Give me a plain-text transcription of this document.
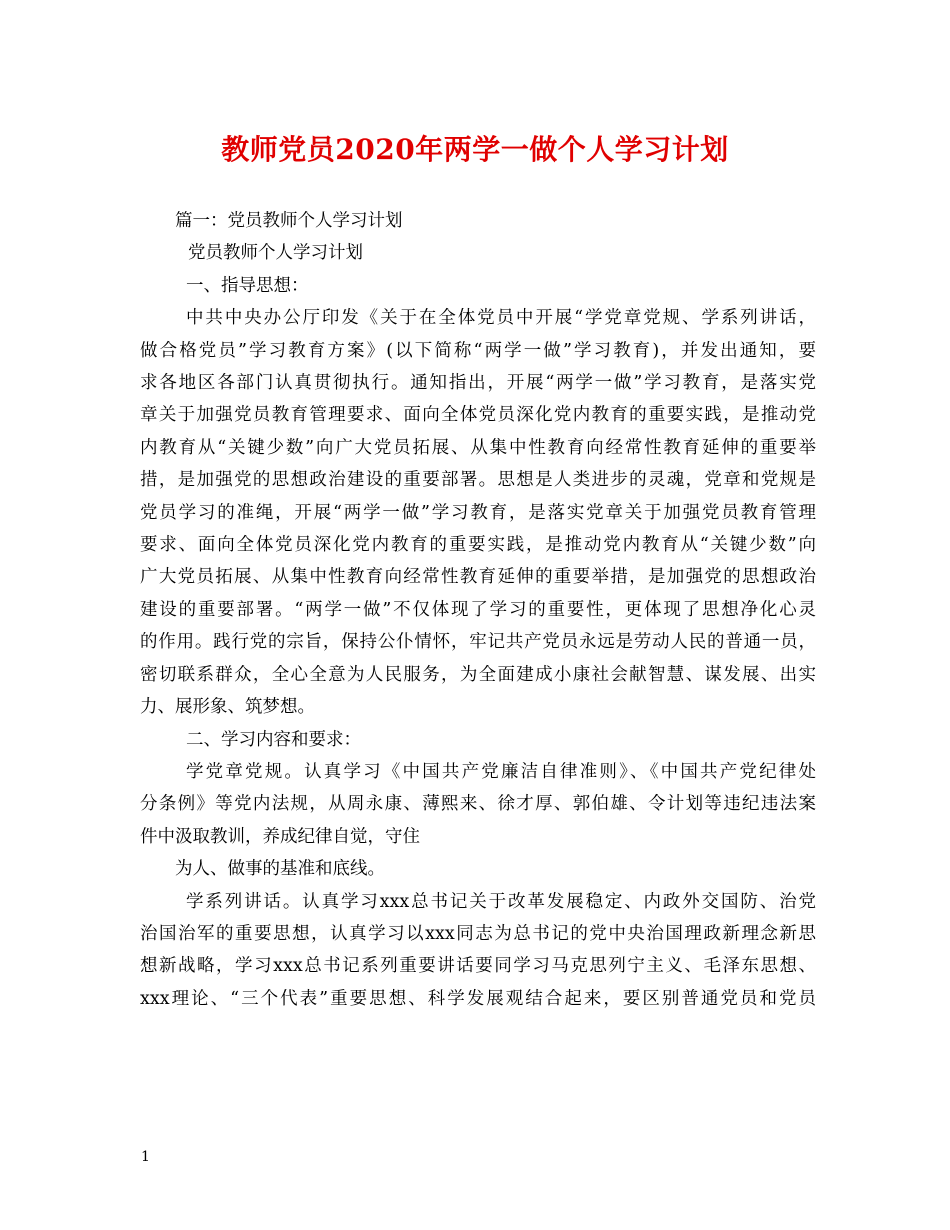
教师党员2020年两学一做个人学习计划
篇一：党员教师个人学习计划
党员教师个人学习计划
一、指导思想：
中共中央办公厅印发《关于在全体党员中开展“学党章党规、学系列讲话，
做合格党员”学习教育方案》(以下简称“两学一做”学习教育)，并发出通知，要
求各地区各部门认真贯彻执行。通知指出，开展“两学一做”学习教育，是落实党
章关于加强党员教育管理要求、面向全体党员深化党内教育的重要实践，是推动党
内教育从“关键少数”向广大党员拓展、从集中性教育向经常性教育延伸的重要举
措，是加强党的思想政治建设的重要部署。思想是人类进步的灵魂，党章和党规是
党员学习的准绳，开展“两学一做”学习教育，是落实党章关于加强党员教育管理
要求、面向全体党员深化党内教育的重要实践，是推动党内教育从“关键少数”向
广大党员拓展、从集中性教育向经常性教育延伸的重要举措，是加强党的思想政治
建设的重要部署。“两学一做”不仅体现了学习的重要性，更体现了思想净化心灵
的作用。践行党的宗旨，保持公仆情怀，牢记共产党员永远是劳动人民的普通一员，
密切联系群众，全心全意为人民服务，为全面建成小康社会献智慧、谋发展、出实
力、展形象、筑梦想。
二、学习内容和要求：
学党章党规。认真学习《中国共产党廉洁自律准则》、《中国共产党纪律处
分条例》等党内法规，从周永康、薄熙来、徐才厚、郭伯雄、令计划等违纪违法案
件中汲取教训，养成纪律自觉，守住
为人、做事的基准和底线。
学系列讲话。认真学习xxx总书记关于改革发展稳定、内政外交国防、治党
治国治军的重要思想，认真学习以xxx同志为总书记的党中央治国理政新理念新思
想新战略，学习xxx总书记系列重要讲话要同学习马克思列宁主义、毛泽东思想、
xxx理论、“三个代表”重要思想、科学发展观结合起来，要区别普通党员和党员
1
